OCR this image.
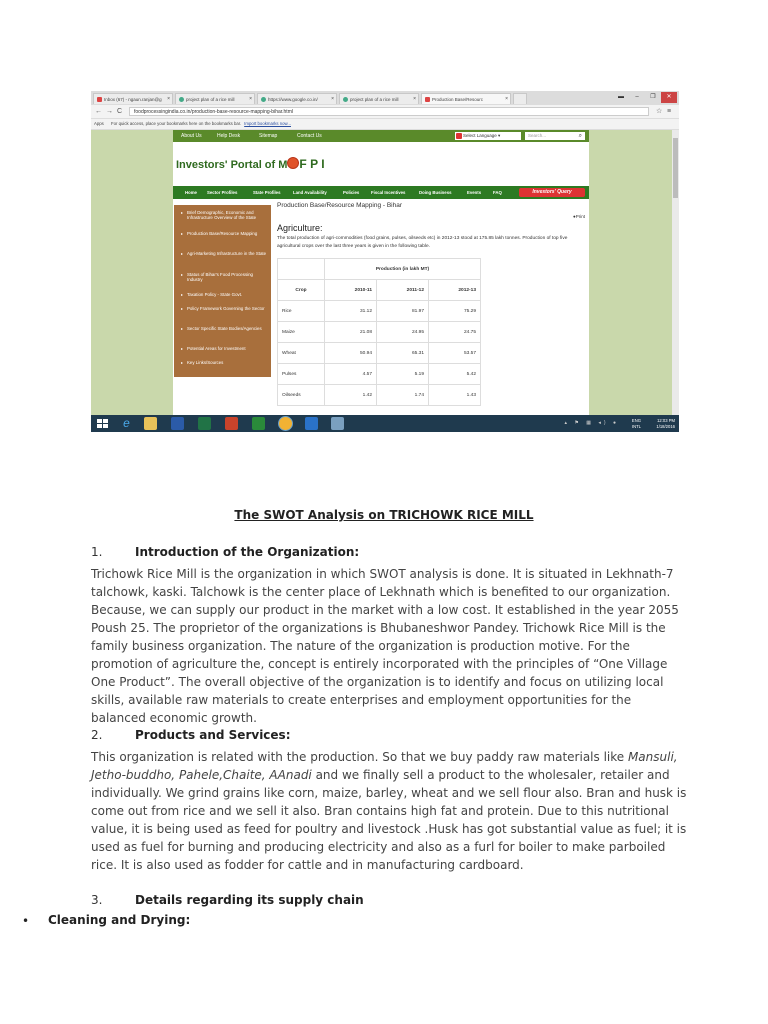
Inbox (67) - ngaun.ranjan@g ×	project plan of a rice mill	×	https://www.google.co.in/	×	project plan of a rice mill	×	Production Base/Resourc	×	▬ – ❐ ✕
← → C	foodprocessingindia.co.in/production-base-resource-mapping-bihar.html	☆ ≡
Apps For quick access, place your bookmarks here on the bookmarks bar. Import bookmarks now...
About Us	Help Desk	Sitemap	Contact Us	Select Language ▾	Search...	⌕
Investors' Portal of M F P I
Home Sector Profiles	State Profiles	Land Availability	Policies	Fiscal Incentives	Doing Business	Events	FAQ	Investors' Query
▸ Brief Demographic, Economic and Infrastructure Overview of the State
▸ Production Base/Resource Mapping
▸ Agri-Marketing Infrastructure in the State
▸ Status of Bihar's Food Processing Industry
▸ Taxation Policy - State Govt.
▸ Policy Framework Governing the Sector
▸ Sector Specific State Bodies/Agencies
▸ Potential Areas for Investment
▸ Key Links/Sources
Production Base/Resource Mapping - Bihar
●Print
Agriculture:
The total production of agri-commodities (food grains, pulses, oilseeds etc) in 2012-13 stood at 175.85 lakh tonnes. Production of top five agricultural crops over the last three years is given in the following table.
	Production (in lakh MT)		
Crop	2010-11	2011-12	2012-13
Rice	31.12	81.97	75.29
Maize	21.08	24.95	24.75
Wheat	50.94	65.31	53.57
Pulses	4.57	5.19	5.42
Oilseeds	1.42	1.74	1.43
e	▴ ⚑ ▦ ◂) ●	ENG
INTL
12:03 PM
1/18/2016
The SWOT Analysis on TRICHOWK RICE MILL
1.	Introduction of the Organization:
Trichowk Rice Mill is the organization in which SWOT analysis is done. It is situated in Lekhnath-7 talchowk, kaski. Talchowk is the center place of Lekhnath which is benefited to our organization. Because, we can supply our product in the market with a low cost. It established in the year 2055 Poush 25. The proprietor of the organizations is Bhubaneshwor Pandey. Trichowk Rice Mill is the family business organization. The nature of the organization is production motive. For the promotion of agriculture the, concept is entirely incorporated with the principles of “One Village One Product”. The overall objective of the organization is to identify and focus on utilizing local skills, available raw materials to create enterprises and employment opportunities for the balanced economic growth.
2.	Products and Services:
This organization is related with the production. So that we buy paddy raw materials like Mansuli, Jetho-buddho, Pahele,Chaite, AAnadi and we finally sell a product to the wholesaler, retailer and individually. We grind grains like corn, maize, barley, wheat and we sell flour also. Bran and husk is come out from rice and we sell it also. Bran contains high fat and protein. Due to this nutritional value, it is being used as feed for poultry and livestock .Husk has got substantial value as fuel; it is used as fuel for burning and producing electricity and also as a furl for boiler to make parboiled rice. It is also used as fodder for cattle and in manufacturing cardboard.
3.	Details regarding its supply chain
• Cleaning and Drying:
